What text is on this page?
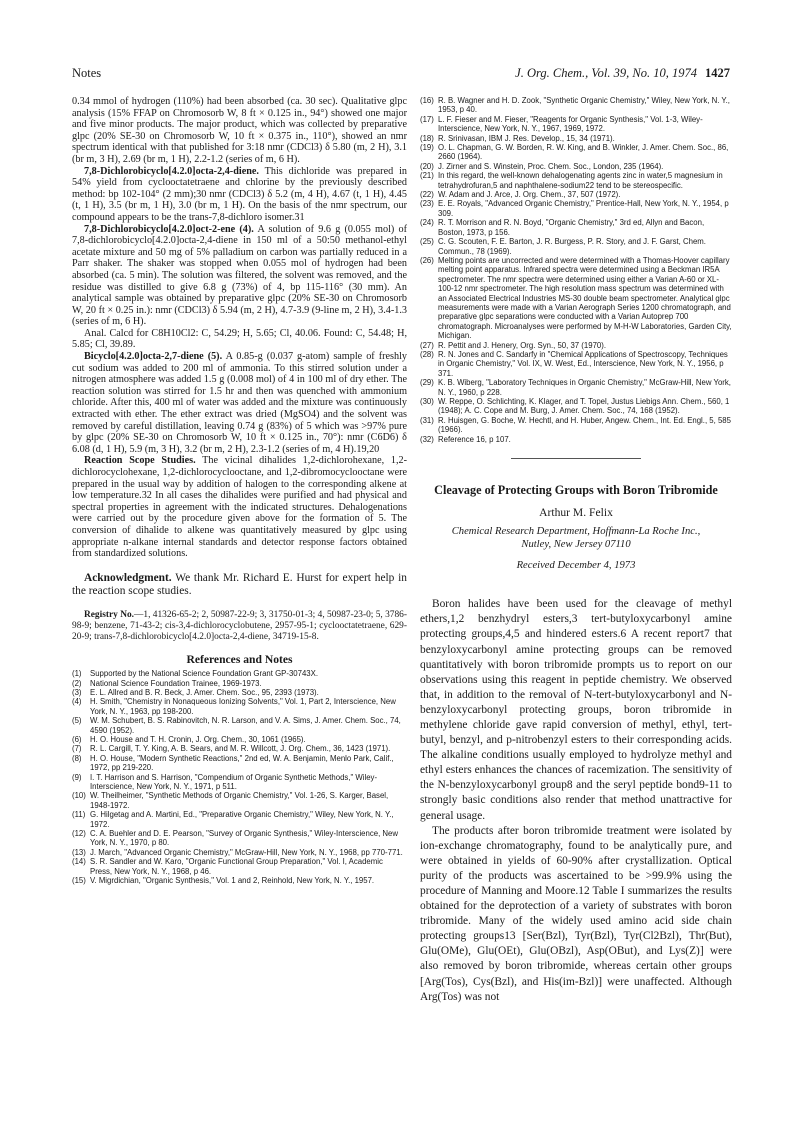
Notes	J. Org. Chem., Vol. 39, No. 10, 1974 1427

0.34 mmol of hydrogen (110%) had been absorbed (ca. 30 sec). Qualitative glpc analysis (15% FFAP on Chromosorb W, 8 ft × 0.125 in., 94°) showed one major and five minor products. The major product, which was collected by preparative glpc (20% SE-30 on Chromosorb W, 10 ft × 0.375 in., 110°), showed an nmr spectrum identical with that published for 3:18 nmr (CDCl3) δ 5.80 (m, 2 H), 3.1 (br m, 3 H), 2.69 (br m, 1 H), 2.2-1.2 (series of m, 6 H).

7,8-Dichlorobicyclo[4.2.0]octa-2,4-diene. This dichloride was prepared in 54% yield from cyclooctatetraene and chlorine by the previously described method: bp 102-104° (2 mm);30 nmr (CDCl3) δ 5.2 (m, 4 H), 4.67 (t, 1 H), 4.45 (t, 1 H), 3.5 (br m, 1 H), 3.0 (br m, 1 H). On the basis of the nmr spectrum, our compound appears to be the trans-7,8-dichloro isomer.31

7,8-Dichlorobicyclo[4.2.0]oct-2-ene (4). A solution of 9.6 g (0.055 mol) of 7,8-dichlorobicyclo[4.2.0]octa-2,4-diene in 150 ml of a 50:50 methanol-ethyl acetate mixture and 50 mg of 5% palladium on carbon was partially reduced in a Parr shaker. The shaker was stopped when 0.055 mol of hydrogen had been absorbed (ca. 5 min). The solution was filtered, the solvent was removed, and the residue was distilled to give 6.8 g (73%) of 4, bp 115-116° (30 mm). An analytical sample was obtained by preparative glpc (20% SE-30 on Chromosorb W, 20 ft × 0.25 in.): nmr (CDCl3) δ 5.94 (m, 2 H), 4.7-3.9 (9-line m, 2 H), 3.4-1.3 (series of m, 6 H).

Anal. Calcd for C8H10Cl2: C, 54.29; H, 5.65; Cl, 40.06. Found: C, 54.48; H, 5.85; Cl, 39.89.

Bicyclo[4.2.0]octa-2,7-diene (5). A 0.85-g (0.037 g-atom) sample of freshly cut sodium was added to 200 ml of ammonia. To this stirred solution under a nitrogen atmosphere was added 1.5 g (0.008 mol) of 4 in 100 ml of dry ether. The reaction solution was stirred for 1.5 hr and then was quenched with ammonium chloride. After this, 400 ml of water was added and the mixture was continuously extracted with ether. The ether extract was dried (MgSO4) and the solvent was removed by careful distillation, leaving 0.74 g (83%) of 5 which was >97% pure by glpc (20% SE-30 on Chromosorb W, 10 ft × 0.125 in., 70°): nmr (C6D6) δ 6.08 (d, 1 H), 5.9 (m, 3 H), 3.2 (br m, 2 H), 2.3-1.2 (series of m, 4 H).19,20

Reaction Scope Studies. The vicinal dihalides 1,2-dichlorohexane, 1,2-dichlorocyclohexane, 1,2-dichlorocyclooctane, and 1,2-dibromocyclooctane were prepared in the usual way by addition of halogen to the corresponding alkene at low temperature.32 In all cases the dihalides were purified and had physical and spectral properties in agreement with the indicated structures. Dehalogenations were carried out by the procedure given above for the formation of 5. The conversion of dihalide to alkene was quantitatively measured by glpc using appropriate n-alkane internal standards and detector response factors obtained from standardized solutions.

Acknowledgment. We thank Mr. Richard E. Hurst for expert help in the reaction scope studies.

Registry No.—1, 41326-65-2; 2, 50987-22-9; 3, 31750-01-3; 4, 50987-23-0; 5, 3786-98-9; benzene, 71-43-2; cis-3,4-dichlorocyclobutene, 2957-95-1; cyclooctatetraene, 629-20-9; trans-7,8-dichlorobicyclo[4.2.0]octa-2,4-diene, 34719-15-8.

References and Notes
(1)	Supported by the National Science Foundation Grant GP-30743X.
(2)	National Science Foundation Trainee, 1969-1973.
(3)	E. L. Allred and B. R. Beck, J. Amer. Chem. Soc., 95, 2393 (1973).
(4)	H. Smith, "Chemistry in Nonaqueous Ionizing Solvents," Vol. 1, Part 2, Interscience, New York, N. Y., 1963, pp 198-200.
(5)	W. M. Schubert, B. S. Rabinovitch, N. R. Larson, and V. A. Sims, J. Amer. Chem. Soc., 74, 4590 (1952).
(6)	H. O. House and T. H. Cronin, J. Org. Chem., 30, 1061 (1965).
(7)	R. L. Cargill, T. Y. King, A. B. Sears, and M. R. Willcott, J. Org. Chem., 36, 1423 (1971).
(8)	H. O. House, "Modern Synthetic Reactions," 2nd ed, W. A. Benjamin, Menlo Park, Calif., 1972, pp 219-220.
(9)	I. T. Harrison and S. Harrison, "Compendium of Organic Synthetic Methods," Wiley-Interscience, New York, N. Y., 1971, p 511.
(10) W. Theilheimer, "Synthetic Methods of Organic Chemistry," Vol. 1-26, S. Karger, Basel, 1948-1972.
(11) G. Hilgetag and A. Martini, Ed., "Preparative Organic Chemistry," Wiley, New York, N. Y., 1972.
(12) C. A. Buehler and D. E. Pearson, "Survey of Organic Synthesis," Wiley-Interscience, New York, N. Y., 1970, p 80.
(13) J. March, "Advanced Organic Chemistry," McGraw-Hill, New York, N. Y., 1968, pp 770-771.
(14) S. R. Sandler and W. Karo, "Organic Functional Group Preparation," Vol. I, Academic Press, New York, N. Y., 1968, p 46.
(15) V. Migrdichian, "Organic Synthesis," Vol. 1 and 2, Reinhold, New York, N. Y., 1957.
(16) R. B. Wagner and H. D. Zook, "Synthetic Organic Chemistry," Wiley, New York, N. Y., 1953, p 40.
(17) L. F. Fieser and M. Fieser, "Reagents for Organic Synthesis," Vol. 1-3, Wiley-Interscience, New York, N. Y., 1967, 1969, 1972.
(18) R. Srinivasan, IBM J. Res. Develop., 15, 34 (1971).
(19) O. L. Chapman, G. W. Borden, R. W. King, and B. Winkler, J. Amer. Chem. Soc., 86, 2660 (1964).
(20) J. Zirner and S. Winstein, Proc. Chem. Soc., London, 235 (1964).
(21) In this regard, the well-known dehalogenating agents zinc in water,5 magnesium in tetrahydrofuran,5 and naphthalene-sodium22 tend to be stereospecific.
(22) W. Adam and J. Arce, J. Org. Chem., 37, 507 (1972).
(23) E. E. Royals, "Advanced Organic Chemistry," Prentice-Hall, New York, N. Y., 1954, p 309.
(24) R. T. Morrison and R. N. Boyd, "Organic Chemistry," 3rd ed, Allyn and Bacon, Boston, 1973, p 156.
(25) C. G. Scouten, F. E. Barton, J. R. Burgess, P. R. Story, and J. F. Garst, Chem. Commun., 78 (1969).
(26) Melting points are uncorrected and were determined with a Thomas-Hoover capillary melting point apparatus. Infrared spectra were determined using a Beckman IR5A spectrometer. The nmr spectra were determined using either a Varian A-60 or XL-100-12 nmr spectrometer. The high resolution mass spectrum was determined with an Associated Electrical Industries MS-30 double beam spectrometer. Analytical glpc measurements were made with a Varian Aerograph Series 1200 chromatograph, and preparative glpc separations were conducted with a Varian Autoprep 700 chromatograph. Microanalyses were performed by M-H-W Laboratories, Garden City, Michigan.
(27) R. Pettit and J. Henery, Org. Syn., 50, 37 (1970).
(28) R. N. Jones and C. Sandarfy in "Chemical Applications of Spectroscopy, Techniques in Organic Chemistry," Vol. IX, W. West, Ed., Interscience, New York, N. Y., 1956, p 371.
(29) K. B. Wiberg, "Laboratory Techniques in Organic Chemistry," McGraw-Hill, New York, N. Y., 1960, p 228.
(30) W. Reppe, O. Schlichting, K. Klager, and T. Topel, Justus Liebigs Ann. Chem., 560, 1 (1948); A. C. Cope and M. Burg, J. Amer. Chem. Soc., 74, 168 (1952).
(31) R. Huisgen, G. Boche, W. Hechtl, and H. Huber, Angew. Chem., Int. Ed. Engl., 5, 585 (1966).
(32) Reference 16, p 107.
Cleavage of Protecting Groups with Boron Tribromide
Arthur M. Felix
Chemical Research Department, Hoffmann-La Roche Inc.,
Nutley, New Jersey 07110
Received December 4, 1973

Boron halides have been used for the cleavage of methyl ethers,1,2 benzhydryl esters,3 tert-butyloxycarbonyl amine protecting groups,4,5 and hindered esters.6 A recent report7 that benzyloxycarbonyl amine protecting groups can be removed quantitatively with boron tribromide prompts us to report on our observations using this reagent in peptide chemistry. We observed that, in addition to the removal of N-tert-butyloxycarbonyl and N-benzyloxycarbonyl protecting groups, boron tribromide in methylene chloride gave rapid conversion of methyl, ethyl, tert-butyl, benzyl, and p-nitrobenzyl esters to their corresponding acids. The alkaline conditions usually employed to hydrolyze methyl and ethyl esters enhances the chances of racemization. The sensitivity of the N-benzyloxycarbonyl group8 and the seryl peptide bond9-11 to strongly basic conditions also render that method unattractive for general usage.

The products after boron tribromide treatment were isolated by ion-exchange chromatography, found to be analytically pure, and were obtained in yields of 60-90% after crystallization. Optical purity of the products was ascertained to be >99.9% using the procedure of Manning and Moore.12 Table I summarizes the results obtained for the deprotection of a variety of substrates with boron tribromide. Many of the widely used amino acid side chain protecting groups13 [Ser(Bzl), Tyr(Bzl), Tyr(Cl2Bzl), Thr(But), Glu(OMe), Glu(OEt), Glu(OBzl), Asp(OBut), and Lys(Z)] were also removed by boron tribromide, whereas certain other groups [Arg(Tos), Cys(Bzl), and His(im-Bzl)] were unaffected. Although Arg(Tos) was not
